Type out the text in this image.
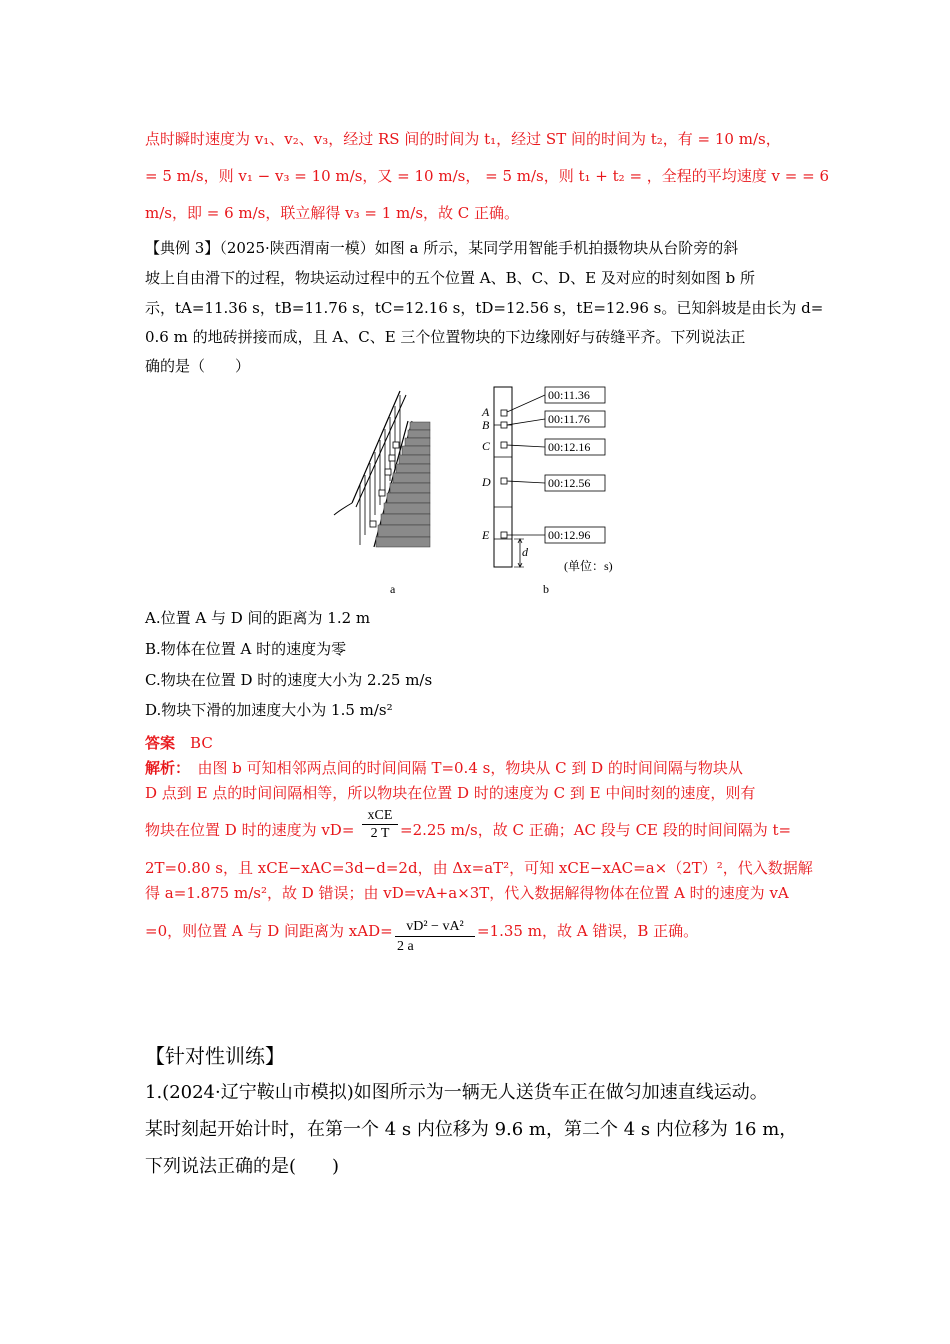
点时瞬时速度为 v₁、v₂、v₃，经过 RS 间的时间为 t₁，经过 ST 间的时间为 t₂，有 = 10 m/s，
= 5 m/s，则 v₁ − v₃ = 10 m/s，又 = 10 m/s， = 5 m/s，则 t₁ + t₂ = ，全程的平均速度 v = = 6
m/s，即 = 6 m/s，联立解得 v₃ = 1 m/s，故 C 正确。
【典例 3】（2025·陕西渭南一模）如图 a 所示，某同学用智能手机拍摄物块从台阶旁的斜
坡上自由滑下的过程，物块运动过程中的五个位置 A、B、C、D、E 及对应的时刻如图 b 所
示，tA=11.36 s，tB=11.76 s，tC=12.16 s，tD=12.56 s，tE=12.96 s。已知斜坡是由长为 d=
0.6 m 的地砖拼接而成，且 A、C、E 三个位置物块的下边缘刚好与砖缝平齐。下列说法正
确的是（　　）
a
A
B
C
D
E
00:11.36
00:11.76
00:12.16
00:12.56
00:12.96
d
(单位：s)
b
A.位置 A 与 D 间的距离为 1.2 m
B.物体在位置 A 时的速度为零
C.物块在位置 D 时的速度大小为 2.25 m/s
D.物块下滑的加速度大小为 1.5 m/s²
答案　 BC
解析：　 由图 b 可知相邻两点间的时间间隔 T=0.4 s，物块从 C 到 D 的时间间隔与物块从
D 点到 E 点的时间间隔相等，所以物块在位置 D 时的速度为 C 到 E 中间时刻的速度，则有
物块在位置 D 时的速度为 vD=
xCE
2 T =2.25 m/s，故 C 正确；AC 段与 CE 段的时间间隔为 t=
2T=0.80 s，且 xCE−xAC=3d−d=2d，由 Δx=aT²，可知 xCE−xAC=a×（2T）²，代入数据解
得 a=1.875 m/s²，故 D 错误；由 vD=vA+a×3T，代入数据解得物体在位置 A 时的速度为 vA
=0，则位置 A 与 D 间距离为 $xAD= \frac{\text{vD² − vA²}}{2 a} =1.35$ m，故 A 错误，B 正确。
【针对性训练】
1.(2024·辽宁鞍山市模拟)如图所示为一辆无人送货车正在做匀加速直线运动。
某时刻起开始计时，在第一个 4 s 内位移为 9.6 m，第二个 4 s 内位移为 16 m，
下列说法正确的是(　　)
